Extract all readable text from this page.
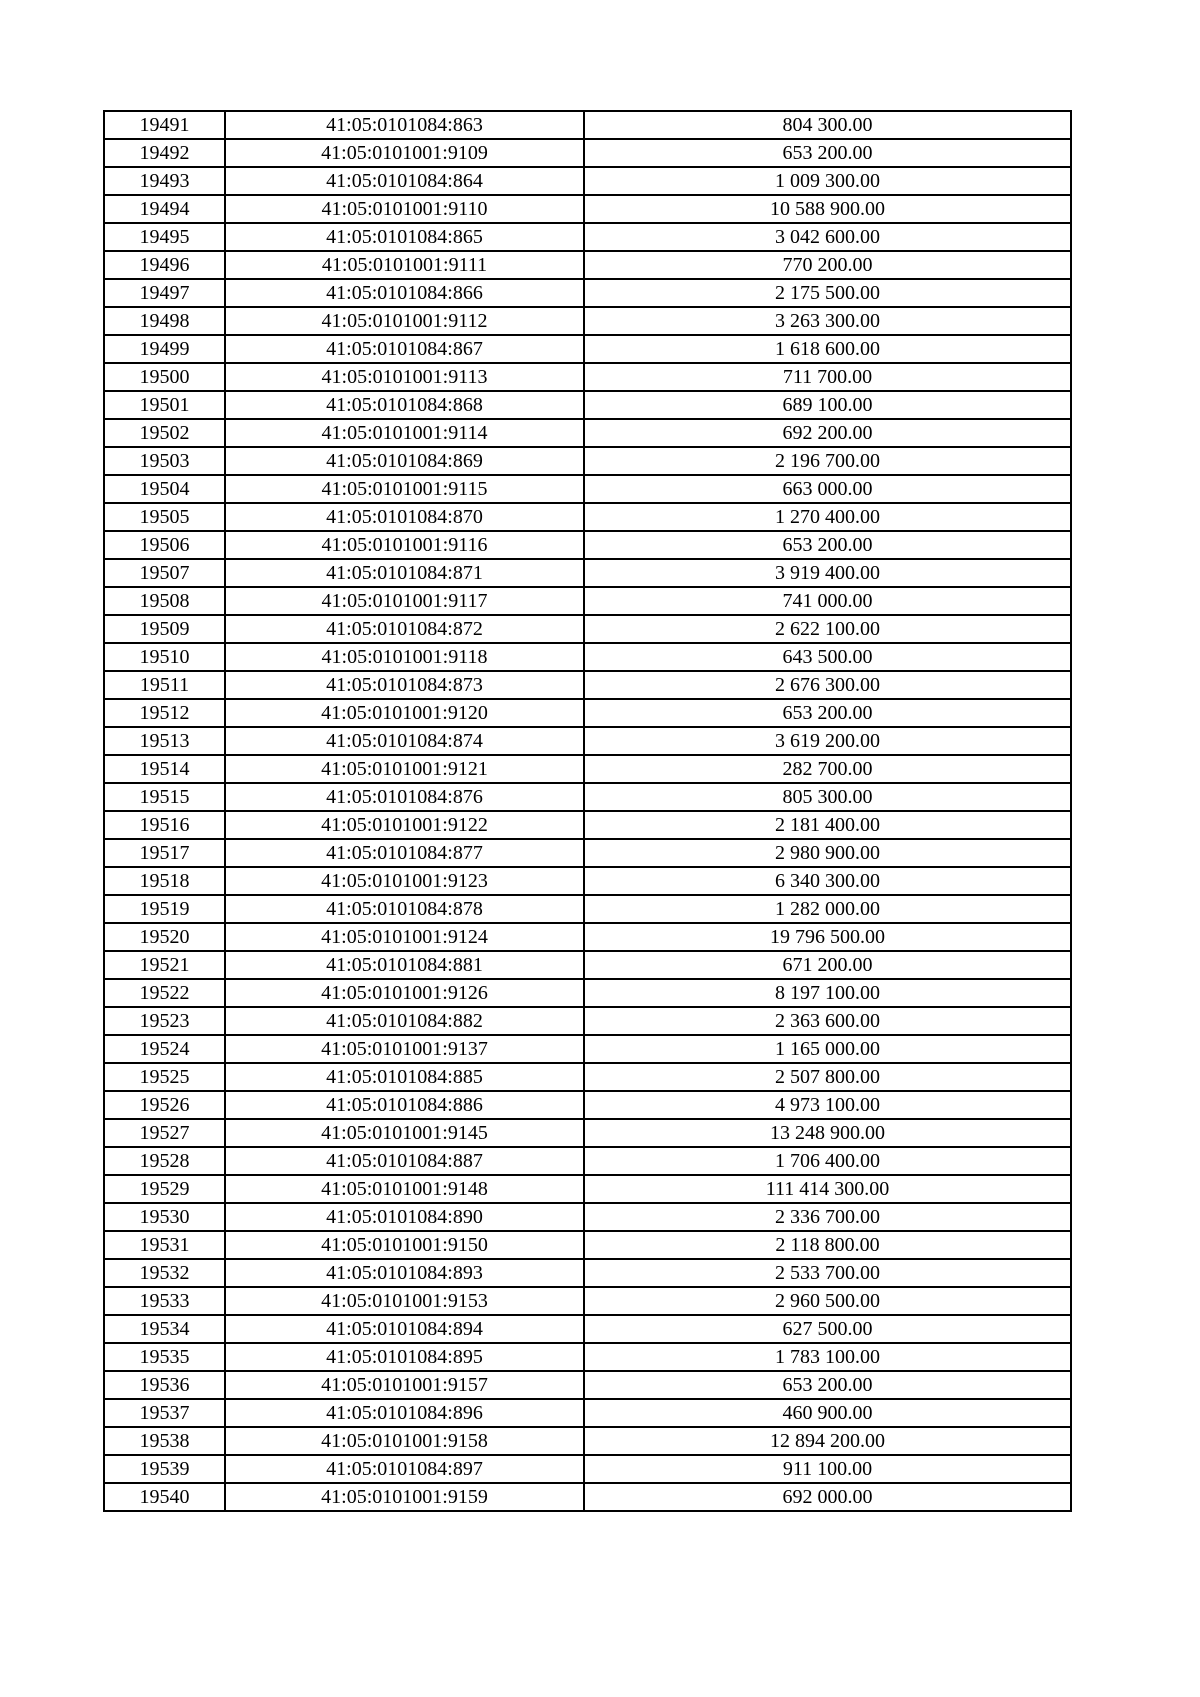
19491	41:05:0101084:863	804 300.00
19492	41:05:0101001:9109	653 200.00
19493	41:05:0101084:864	1 009 300.00
19494	41:05:0101001:9110	10 588 900.00
19495	41:05:0101084:865	3 042 600.00
19496	41:05:0101001:9111	770 200.00
19497	41:05:0101084:866	2 175 500.00
19498	41:05:0101001:9112	3 263 300.00
19499	41:05:0101084:867	1 618 600.00
19500	41:05:0101001:9113	711 700.00
19501	41:05:0101084:868	689 100.00
19502	41:05:0101001:9114	692 200.00
19503	41:05:0101084:869	2 196 700.00
19504	41:05:0101001:9115	663 000.00
19505	41:05:0101084:870	1 270 400.00
19506	41:05:0101001:9116	653 200.00
19507	41:05:0101084:871	3 919 400.00
19508	41:05:0101001:9117	741 000.00
19509	41:05:0101084:872	2 622 100.00
19510	41:05:0101001:9118	643 500.00
19511	41:05:0101084:873	2 676 300.00
19512	41:05:0101001:9120	653 200.00
19513	41:05:0101084:874	3 619 200.00
19514	41:05:0101001:9121	282 700.00
19515	41:05:0101084:876	805 300.00
19516	41:05:0101001:9122	2 181 400.00
19517	41:05:0101084:877	2 980 900.00
19518	41:05:0101001:9123	6 340 300.00
19519	41:05:0101084:878	1 282 000.00
19520	41:05:0101001:9124	19 796 500.00
19521	41:05:0101084:881	671 200.00
19522	41:05:0101001:9126	8 197 100.00
19523	41:05:0101084:882	2 363 600.00
19524	41:05:0101001:9137	1 165 000.00
19525	41:05:0101084:885	2 507 800.00
19526	41:05:0101084:886	4 973 100.00
19527	41:05:0101001:9145	13 248 900.00
19528	41:05:0101084:887	1 706 400.00
19529	41:05:0101001:9148	111 414 300.00
19530	41:05:0101084:890	2 336 700.00
19531	41:05:0101001:9150	2 118 800.00
19532	41:05:0101084:893	2 533 700.00
19533	41:05:0101001:9153	2 960 500.00
19534	41:05:0101084:894	627 500.00
19535	41:05:0101084:895	1 783 100.00
19536	41:05:0101001:9157	653 200.00
19537	41:05:0101084:896	460 900.00
19538	41:05:0101001:9158	12 894 200.00
19539	41:05:0101084:897	911 100.00
19540	41:05:0101001:9159	692 000.00
